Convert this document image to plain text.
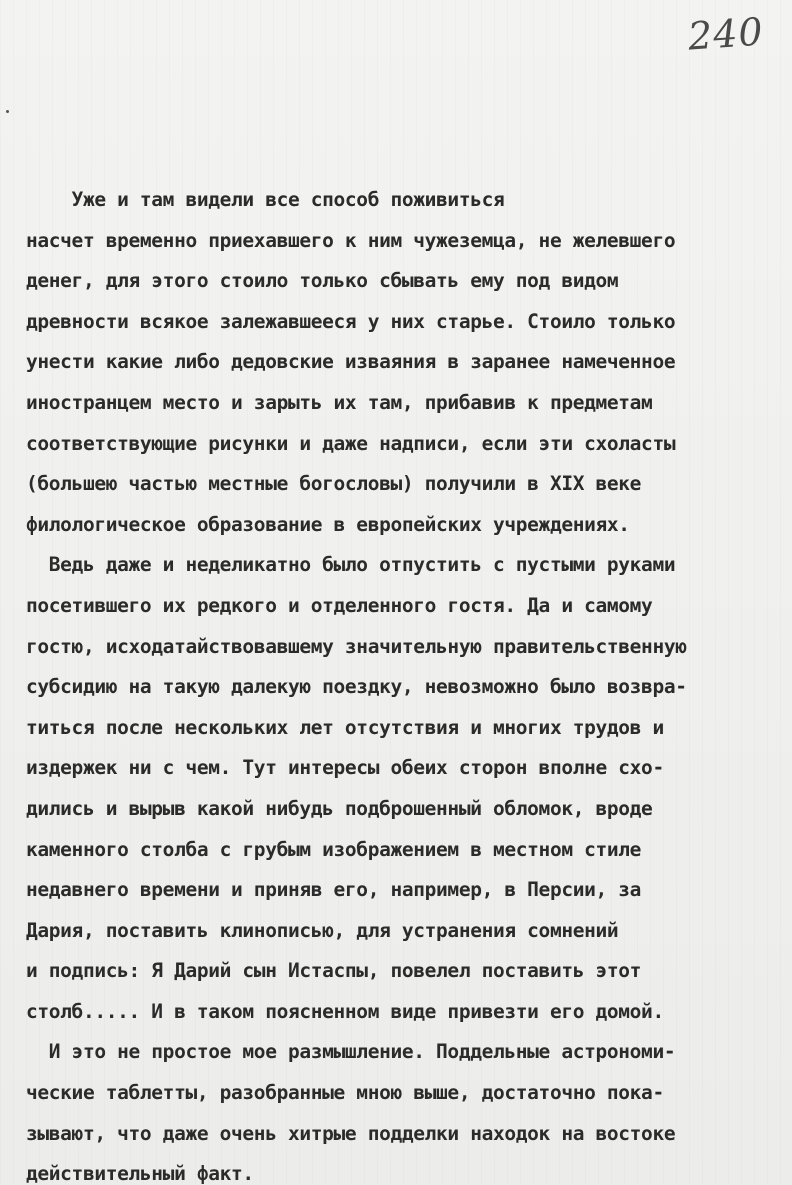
240
Уже и там видели все способ поживиться
насчет временно приехавшего к ним чужеземца, не желевшего
денег, для этого стоило только сбывать ему под видом
древности всякое залежавшееся у них старье. Стоило только
унести какие либо дедовские изваяния в заранее намеченное
иностранцем место и зарыть их там, прибавив к предметам
соответствующие рисунки и даже надписи, если эти схоласты
(большею частью местные богословы) получили в XIX веке
филологическое образование в европейских учреждениях.
Ведь даже и неделикатно было отпустить с пустыми руками
посетившего их редкого и отделенного гостя. Да и самому
гостю, исходатайствовавшему значительную правительственную
субсидию на такую далекую поездку, невозможно было возвра-
титься после нескольких лет отсутствия и многих трудов и
издержек ни с чем. Тут интересы обеих сторон вполне схо-
дились и вырыв какой нибудь подброшенный обломок, вроде
каменного столба с грубым изображением в местном стиле
недавнего времени и приняв его, например, в Персии, за
Дария, поставить клинописью, для устранения сомнений
и подпись: Я Дарий сын Истаспы, повелел поставить этот
столб..... И в таком поясненном виде привезти его домой.
И это не простое мое размышление. Поддельные астрономи-
ческие таблетты, разобранные мною выше, достаточно пока-
зывают, что даже очень хитрые подделки находок на востоке
действительный факт.
